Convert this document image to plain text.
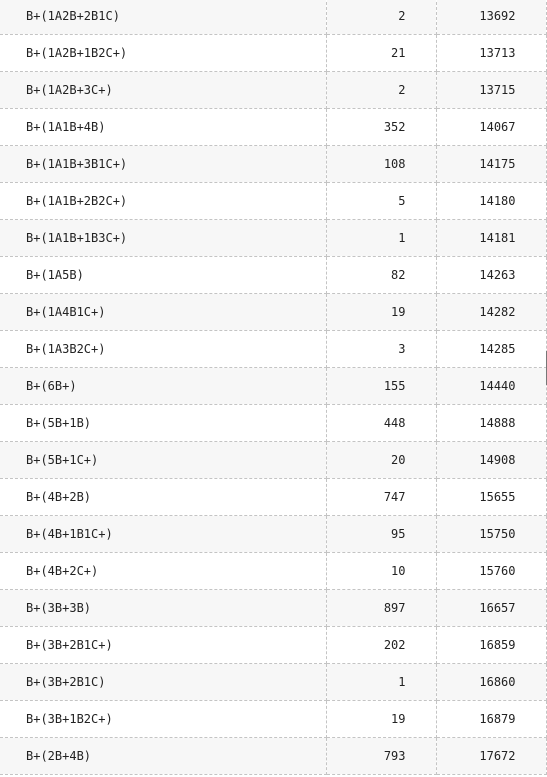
B+(1A2B+2B1C)	2	13692
B+(1A2B+1B2C+)	21	13713
B+(1A2B+3C+)	2	13715
B+(1A1B+4B)	352	14067
B+(1A1B+3B1C+)	108	14175
B+(1A1B+2B2C+)	5	14180
B+(1A1B+1B3C+)	1	14181
B+(1A5B)	82	14263
B+(1A4B1C+)	19	14282
B+(1A3B2C+)	3	14285
B+(6B+)	155	14440
B+(5B+1B)	448	14888
B+(5B+1C+)	20	14908
B+(4B+2B)	747	15655
B+(4B+1B1C+)	95	15750
B+(4B+2C+)	10	15760
B+(3B+3B)	897	16657
B+(3B+2B1C+)	202	16859
B+(3B+2B1C)	1	16860
B+(3B+1B2C+)	19	16879
B+(2B+4B)	793	17672
